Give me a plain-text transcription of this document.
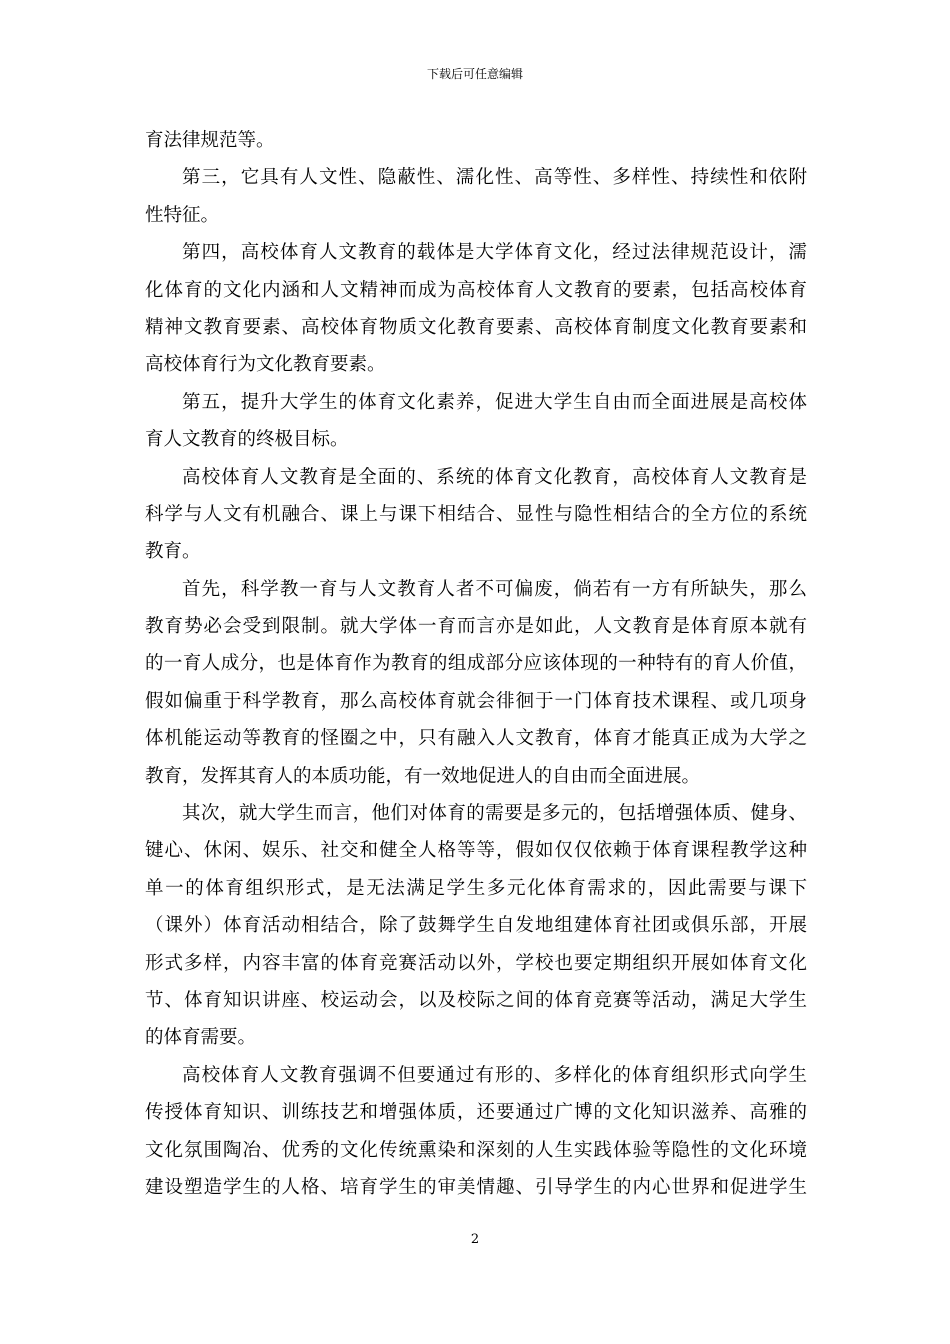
下载后可任意编辑
育法律规范等。
第三，它具有人文性、隐蔽性、濡化性、高等性、多样性、持续性和依附
性特征。
第四，高校体育人文教育的载体是大学体育文化，经过法律规范设计，濡
化体育的文化内涵和人文精神而成为高校体育人文教育的要素，包括高校体育
精神文教育要素、高校体育物质文化教育要素、高校体育制度文化教育要素和
高校体育行为文化教育要素。
第五，提升大学生的体育文化素养，促进大学生自由而全面进展是高校体
育人文教育的终极目标。
高校体育人文教育是全面的、系统的体育文化教育，高校体育人文教育是
科学与人文有机融合、课上与课下相结合、显性与隐性相结合的全方位的系统
教育。
首先，科学教一育与人文教育人者不可偏废，倘若有一方有所缺失，那么
教育势必会受到限制。就大学体一育而言亦是如此，人文教育是体育原本就有
的一育人成分，也是体育作为教育的组成部分应该体现的一种特有的育人价值，
假如偏重于科学教育，那么高校体育就会徘徊于一门体育技术课程、或几项身
体机能运动等教育的怪圈之中，只有融入人文教育，体育才能真正成为大学之
教育，发挥其育人的本质功能，有一效地促进人的自由而全面进展。
其次，就大学生而言，他们对体育的需要是多元的，包括增强体质、健身、
键心、休闲、娱乐、社交和健全人格等等，假如仅仅依赖于体育课程教学这种
单一的体育组织形式，是无法满足学生多元化体育需求的，因此需要与课下
（课外）体育活动相结合，除了鼓舞学生自发地组建体育社团或俱乐部，开展
形式多样，内容丰富的体育竞赛活动以外，学校也要定期组织开展如体育文化
节、体育知识讲座、校运动会，以及校际之间的体育竞赛等活动，满足大学生
的体育需要。
高校体育人文教育强调不但要通过有形的、多样化的体育组织形式向学生
传授体育知识、训练技艺和增强体质，还要通过广博的文化知识滋养、高雅的
文化氛围陶冶、优秀的文化传统熏染和深刻的人生实践体验等隐性的文化环境
建设塑造学生的人格、培育学生的审美情趣、引导学生的内心世界和促进学生
2
